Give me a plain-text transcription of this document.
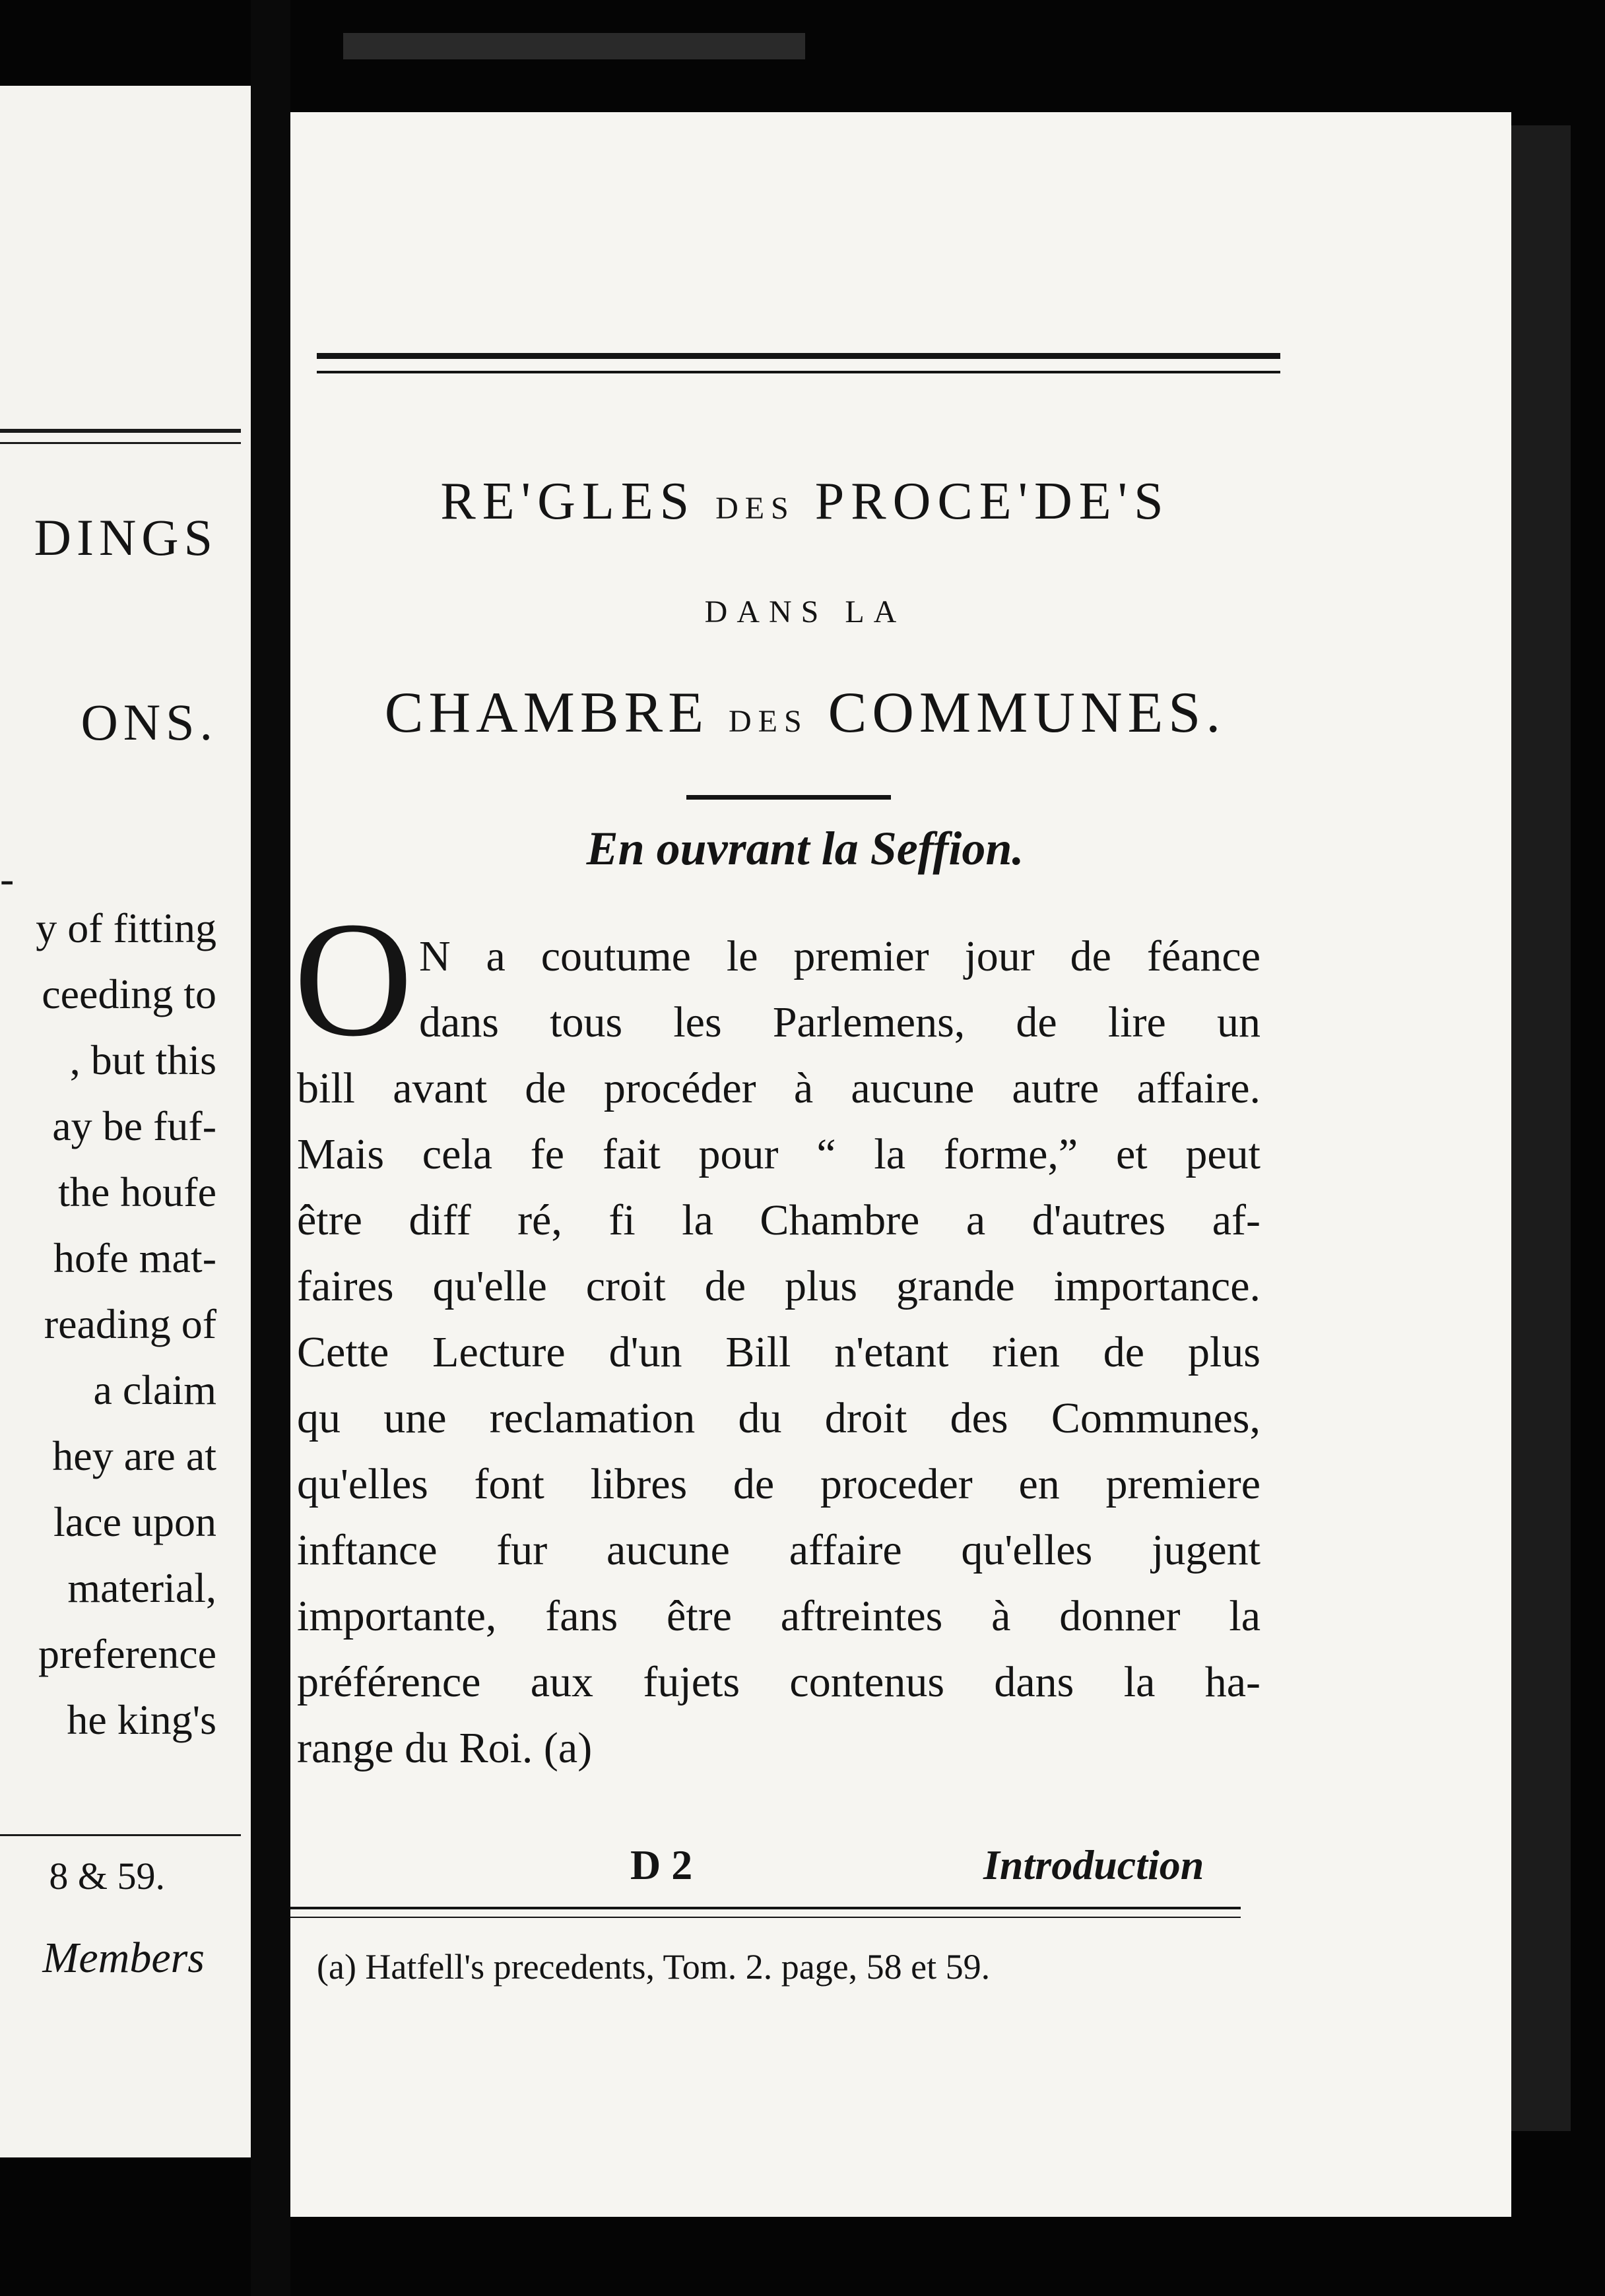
DINGS
ONS.
-
y of fitting
ceeding to
, but this
ay be fuf-
the houfe
hofe mat-
reading of
a claim
hey are at
lace upon
material,
preference
he king's
8 & 59.
Members
RE'GLES DES PROCE'DE'S
DANS LA
CHAMBRE DES COMMUNES.
En ouvrant la Seffion.
O N a coutume le premier jour de féance
dans tous les Parlemens, de lire un
bill avant de procéder à aucune autre affaire.
Mais cela fe fait pour “ la forme,” et peut
être diff ré, fi la Chambre a d'autres af-
faires qu'elle croit de plus grande importance.
Cette Lecture d'un Bill n'etant rien de plus
qu une reclamation du droit des Communes,
qu'elles font libres de proceder en premiere
inftance fur aucune affaire qu'elles jugent
importante, fans être aftreintes à donner la
préférence aux fujets contenus dans la ha-
range du Roi. (a)
D 2	Introduction
(a) Hatfell's precedents, Tom. 2. page, 58 et 59.
